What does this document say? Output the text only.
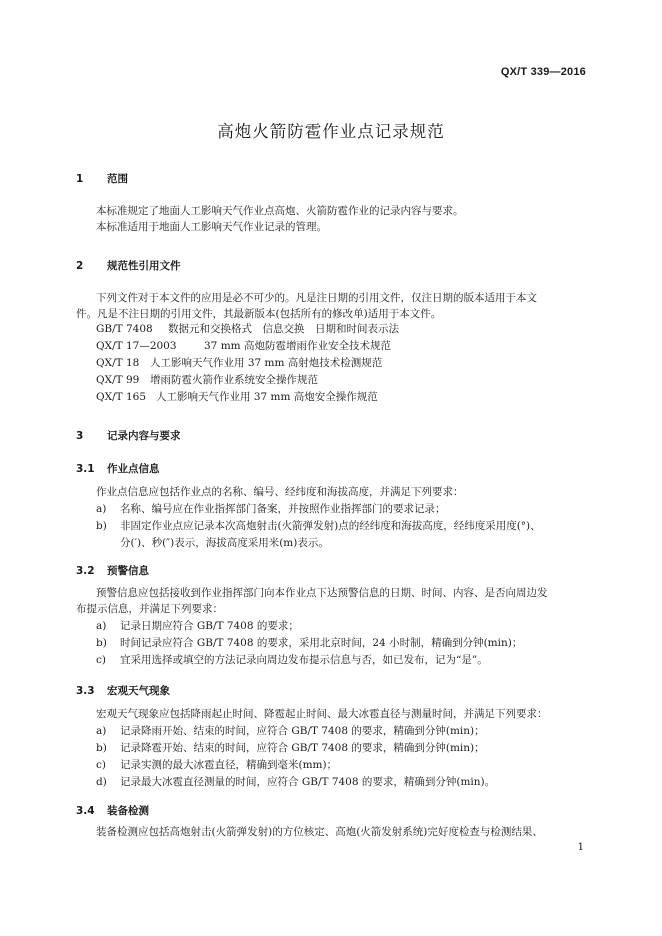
QX/T 339—2016
高炮火箭防雹作业点记录规范
1 范围
本标准规定了地面人工影响天气作业点高炮、火箭防雹作业的记录内容与要求。
本标准适用于地面人工影响天气作业记录的管理。
2 规范性引用文件
下列文件对于本文件的应用是必不可少的。凡是注日期的引用文件，仅注日期的版本适用于本文
件。凡是不注日期的引用文件，其最新版本(包括所有的修改单)适用于本文件。
GB/T 7408 数据元和交换格式　信息交换　日期和时间表示法
QX/T 17—2003	37 mm 高炮防雹增雨作业安全技术规范
QX/T 18 人工影响天气作业用 37 mm 高射炮技术检测规范
QX/T 99 增雨防雹火箭作业系统安全操作规范
QX/T 165 人工影响天气作业用 37 mm 高炮安全操作规范
3 记录内容与要求
3.1 作业点信息
作业点信息应包括作业点的名称、编号、经纬度和海拔高度，并满足下列要求：
a) 名称、编号应在作业指挥部门备案，并按照作业指挥部门的要求记录；
b) 非固定作业点应记录本次高炮射击(火箭弹发射)点的经纬度和海拔高度，经纬度采用度(°)、
分(′)、秒(″)表示，海拔高度采用米(m)表示。
3.2 预警信息
预警信息应包括接收到作业指挥部门向本作业点下达预警信息的日期、时间、内容、是否向周边发
布提示信息，并满足下列要求：
a) 记录日期应符合 GB/T 7408 的要求；
b) 时间记录应符合 GB/T 7408 的要求，采用北京时间，24 小时制，精确到分钟(min)；
c) 宜采用选择或填空的方法记录向周边发布提示信息与否，如已发布，记为“是”。
3.3 宏观天气现象
宏观天气现象应包括降雨起止时间、降雹起止时间、最大冰雹直径与测量时间，并满足下列要求：
a) 记录降雨开始、结束的时间，应符合 GB/T 7408 的要求，精确到分钟(min)；
b) 记录降雹开始、结束的时间，应符合 GB/T 7408 的要求，精确到分钟(min)；
c) 记录实测的最大冰雹直径，精确到毫米(mm)；
d) 记录最大冰雹直径测量的时间，应符合 GB/T 7408 的要求，精确到分钟(min)。
3.4 装备检测
装备检测应包括高炮射击(火箭弹发射)的方位核定、高炮(火箭发射系统)完好度检查与检测结果、
1
